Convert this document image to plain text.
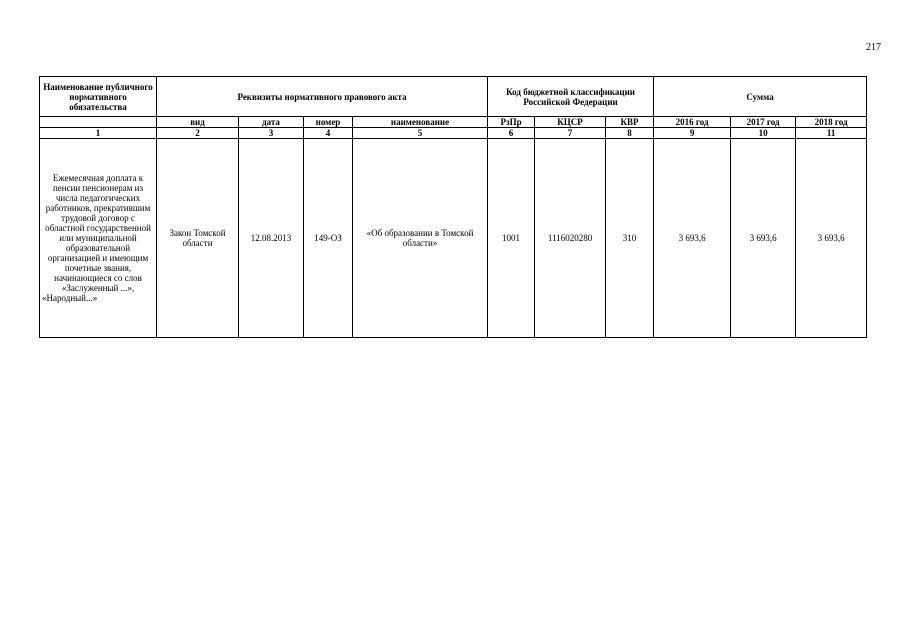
217
Наименование публичного нормативного обязательства	Реквизиты нормативного правового акта				Код бюджетной классификации Российской Федерации			Сумма		
	вид	дата	номер	наименование	РзПр	КЦСР	КВР	2016 год	2017 год	2018 год
1	2	3	4	5	6	7	8	9	10	11
Ежемесячная доплата к пенсии пенсионерам из числа педагогических работников, прекратившим трудовой договор с областной государственной или муниципальной образовательной организацией и имеющим почетные звания, начинающиеся со слов «Заслуженный ...», «Народный...»	Закон Томской области	12.08.2013	149-ОЗ	«Об образовании в Томской области»	1001	1116020280	310	3 693,6	3 693,6	3 693,6
